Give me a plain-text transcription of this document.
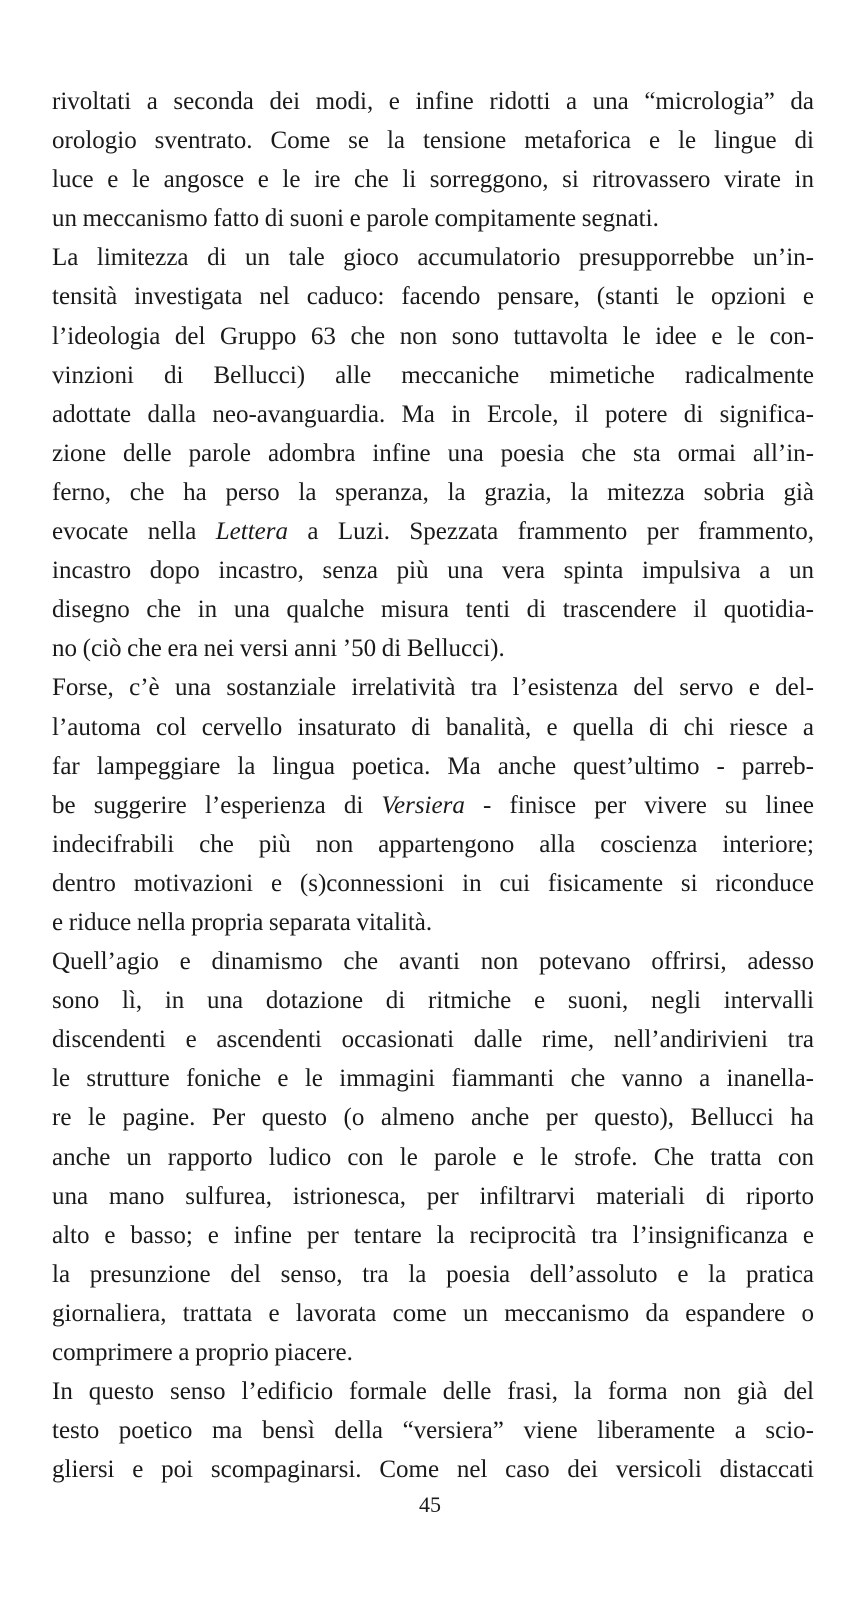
rivoltati a seconda dei modi, e infine ridotti a una “micrologia” da
orologio sventrato. Come se la tensione metaforica e le lingue di
luce e le angosce e le ire che li sorreggono, si ritrovassero virate in
un meccanismo fatto di suoni e parole compitamente segnati.
La limitezza di un tale gioco accumulatorio presupporrebbe un’in-
tensità investigata nel caduco: facendo pensare, (stanti le opzioni e
l’ideologia del Gruppo 63 che non sono tuttavolta le idee e le con-
vinzioni di Bellucci) alle meccaniche mimetiche radicalmente
adottate dalla neo-avanguardia. Ma in Ercole, il potere di significa-
zione delle parole adombra infine una poesia che sta ormai all’in-
ferno, che ha perso la speranza, la grazia, la mitezza sobria già
evocate nella Lettera a Luzi. Spezzata frammento per frammento,
incastro dopo incastro, senza più una vera spinta impulsiva a un
disegno che in una qualche misura tenti di trascendere il quotidia-
no (ciò che era nei versi anni ’50 di Bellucci).
Forse, c’è una sostanziale irrelatività tra l’esistenza del servo e del-
l’automa col cervello insaturato di banalità, e quella di chi riesce a
far lampeggiare la lingua poetica. Ma anche quest’ultimo - parreb-
be suggerire l’esperienza di Versiera - finisce per vivere su linee
indecifrabili che più non appartengono alla coscienza interiore;
dentro motivazioni e (s)connessioni in cui fisicamente si riconduce
e riduce nella propria separata vitalità.
Quell’agio e dinamismo che avanti non potevano offrirsi, adesso
sono lì, in una dotazione di ritmiche e suoni, negli intervalli
discendenti e ascendenti occasionati dalle rime, nell’andirivieni tra
le strutture foniche e le immagini fiammanti che vanno a inanella-
re le pagine. Per questo (o almeno anche per questo), Bellucci ha
anche un rapporto ludico con le parole e le strofe. Che tratta con
una mano sulfurea, istrionesca, per infiltrarvi materiali di riporto
alto e basso; e infine per tentare la reciprocità tra l’insignificanza e
la presunzione del senso, tra la poesia dell’assoluto e la pratica
giornaliera, trattata e lavorata come un meccanismo da espandere o
comprimere a proprio piacere.
In questo senso l’edificio formale delle frasi, la forma non già del
testo poetico ma bensì della “versiera” viene liberamente a scio-
gliersi e poi scompaginarsi. Come nel caso dei versicoli distaccati
45
